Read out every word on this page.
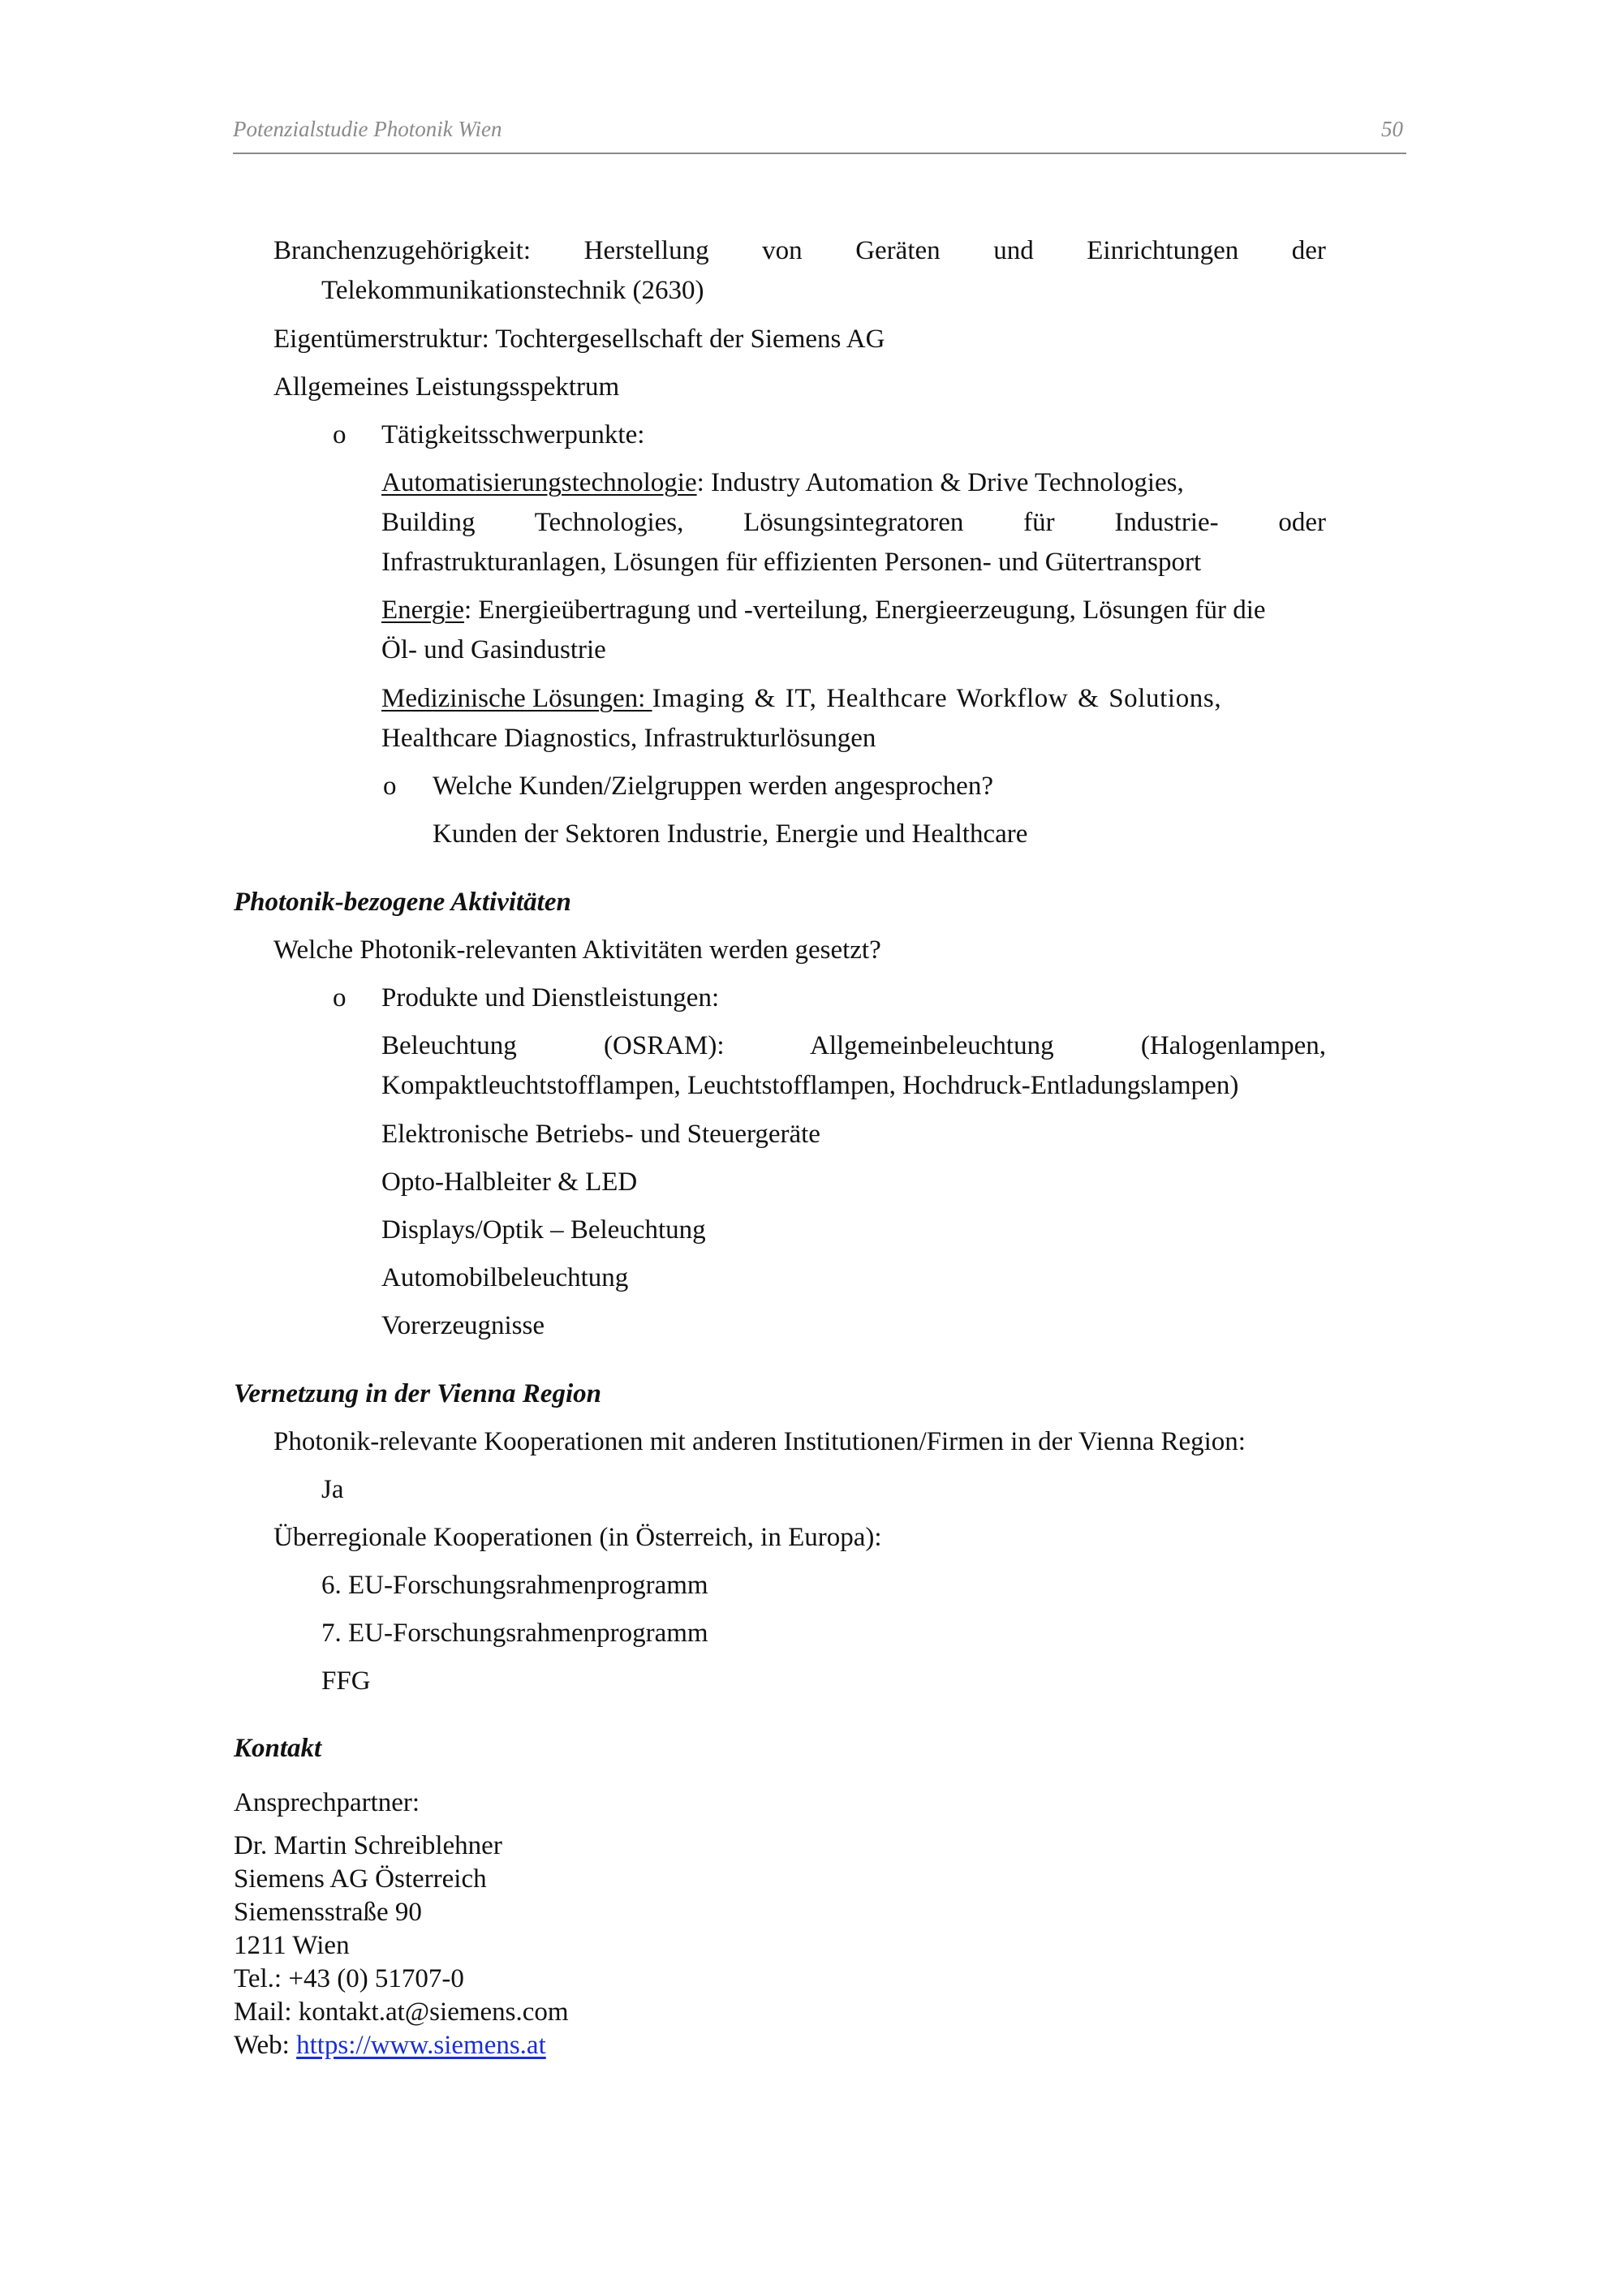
Potenzialstudie Photonik Wien	50
Branchenzugehörigkeit: Herstellung von Geräten und Einrichtungen der
Telekommunikationstechnik (2630)
Eigentümerstruktur: Tochtergesellschaft der Siemens AG
Allgemeines Leistungsspektrum
o Tätigkeitsschwerpunkte:
Automatisierungstechnologie: Industry Automation & Drive Technologies,
Building Technologies, Lösungsintegratoren für Industrie- oder
Infrastrukturanlagen, Lösungen für effizienten Personen- und Gütertransport
Energie: Energieübertragung und -verteilung, Energieerzeugung, Lösungen für die
Öl- und Gasindustrie
Medizinische Lösungen: Imaging & IT, Healthcare Workflow & Solutions,
Healthcare Diagnostics, Infrastrukturlösungen
o Welche Kunden/Zielgruppen werden angesprochen?
Kunden der Sektoren Industrie, Energie und Healthcare
Photonik-bezogene Aktivitäten
Welche Photonik-relevanten Aktivitäten werden gesetzt?
o Produkte und Dienstleistungen:
Beleuchtung (OSRAM): Allgemeinbeleuchtung (Halogenlampen,
Kompaktleuchtstofflampen, Leuchtstofflampen, Hochdruck-Entladungslampen)
Elektronische Betriebs- und Steuergeräte
Opto-Halbleiter & LED
Displays/Optik – Beleuchtung
Automobilbeleuchtung
Vorerzeugnisse
Vernetzung in der Vienna Region
Photonik-relevante Kooperationen mit anderen Institutionen/Firmen in der Vienna Region:
Ja
Überregionale Kooperationen (in Österreich, in Europa):
6. EU-Forschungsrahmenprogramm
7. EU-Forschungsrahmenprogramm
FFG
Kontakt
Ansprechpartner:
Dr. Martin Schreiblehner
Siemens AG Österreich
Siemensstraße 90
1211 Wien
Tel.: +43 (0) 51707-0
Mail: kontakt.at@siemens.com
Web: https://www.siemens.at
